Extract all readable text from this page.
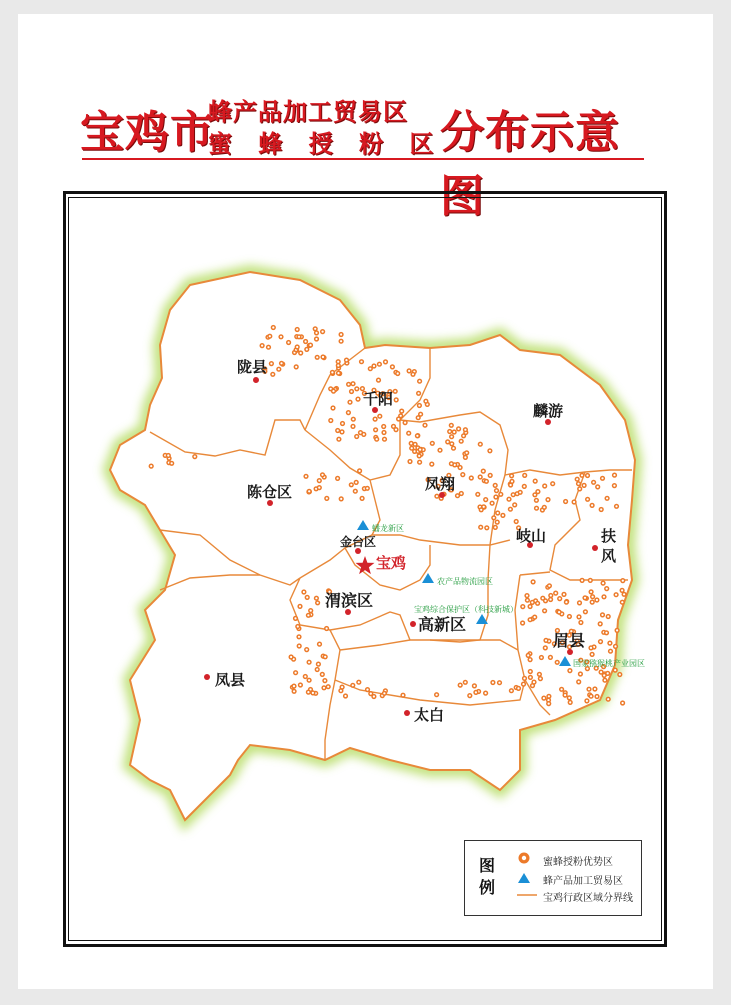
宝鸡市
蜂产品加工贸易区
蜜 蜂 授 粉 区
分布示意图
陇县
千阳
麟游
陈仓区	凤翔
岐山	扶
风
金台区
渭滨区
高新区
眉县
凤县
太白
宝鸡
蟠龙新区
农产品物流园区
宝鸡综合保护区（科技新城）
国家猕猴桃产业园区
图例
蜜蜂授粉优势区
蜂产品加工贸易区
宝鸡行政区域分界线
